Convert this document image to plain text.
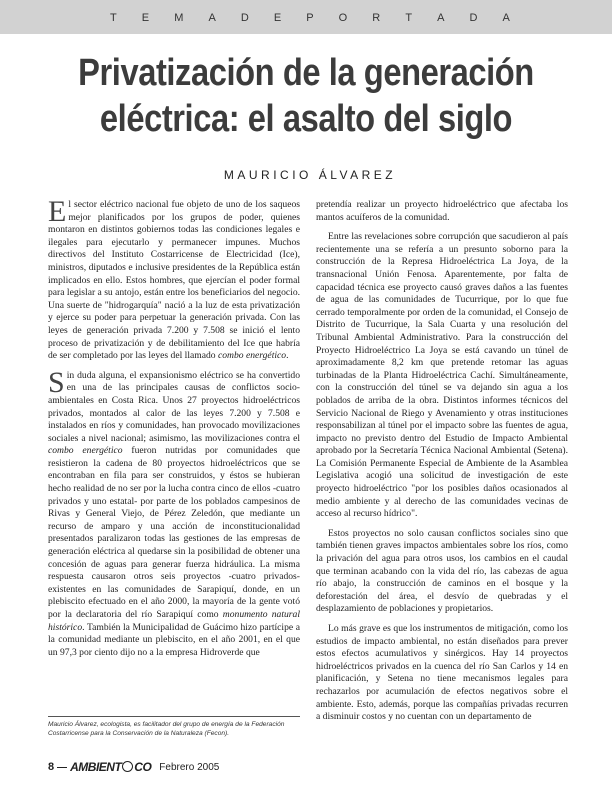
T E M A D E P O R T A D A
Privatización de la generación
eléctrica: el asalto del siglo
MAURICIO ÁLVAREZ

El sector eléctrico nacional fue objeto de uno de los saqueos mejor planificados por los grupos de poder, quienes montaron en distintos gobiernos todas las condiciones legales e ilegales para ejecutarlo y permanecer impunes. Muchos directivos del Instituto Costarricense de Electricidad (Ice), ministros, diputados e inclusive presidentes de la República están implicados en ello. Estos hombres, que ejercían el poder formal para legislar a su antojo, están entre los beneficiarios del negocio. Una suerte de "hidrogarquía" nació a la luz de esta privatización y ejerce su poder para perpetuar la generación privada. Con las leyes de generación privada 7.200 y 7.508 se inició el lento proceso de privatización y de debilitamiento del Ice que habría de ser completado por las leyes del llamado combo energético.

Sin duda alguna, el expansionismo eléctrico se ha convertido en una de las principales causas de conflictos socio-ambientales en Costa Rica. Unos 27 proyectos hidroeléctricos privados, montados al calor de las leyes 7.200 y 7.508 e instalados en ríos y comunidades, han provocado movilizaciones sociales a nivel nacional; asimismo, las movilizaciones contra el combo energético fueron nutridas por comunidades que resistieron la cadena de 80 proyectos hidroeléctricos que se encontraban en fila para ser construidos, y éstos se hubieran hecho realidad de no ser por la lucha contra cinco de ellos -cuatro privados y uno estatal- por parte de los poblados campesinos de Rivas y General Viejo, de Pérez Zeledón, que mediante un recurso de amparo y una acción de inconstitucionalidad presentados paralizaron todas las gestiones de las empresas de generación eléctrica al quedarse sin la posibilidad de obtener una concesión de aguas para generar fuerza hidráulica. La misma respuesta causaron otros seis proyectos -cuatro privados- existentes en las comunidades de Sarapiquí, donde, en un plebiscito efectuado en el año 2000, la mayoría de la gente votó por la declaratoria del río Sarapiquí como monumento natural histórico. También la Municipalidad de Guácimo hizo partícipe a la comunidad mediante un plebiscito, en el año 2001, en el que un 97,3 por ciento dijo no a la empresa Hidroverde que

pretendía realizar un proyecto hidroeléctrico que afectaba los mantos acuíferos de la comunidad.

Entre las revelaciones sobre corrupción que sacudieron al país recientemente una se refería a un presunto soborno para la construcción de la Represa Hidroeléctrica La Joya, de la transnacional Unión Fenosa. Aparentemente, por falta de capacidad técnica ese proyecto causó graves daños a las fuentes de agua de las comunidades de Tucurrique, por lo que fue cerrado temporalmente por orden de la comunidad, el Consejo de Distrito de Tucurrique, la Sala Cuarta y una resolución del Tribunal Ambiental Administrativo. Para la construcción del Proyecto Hidroeléctrico La Joya se está cavando un túnel de aproximadamente 8,2 km que pretende retomar las aguas turbinadas de la Planta Hidroeléctrica Cachí. Simultáneamente, con la construcción del túnel se va dejando sin agua a los poblados de arriba de la obra. Distintos informes técnicos del Servicio Nacional de Riego y Avenamiento y otras instituciones responsabilizan al túnel por el impacto sobre las fuentes de agua, impacto no previsto dentro del Estudio de Impacto Ambiental aprobado por la Secretaría Técnica Nacional Ambiental (Setena). La Comisión Permanente Especial de Ambiente de la Asamblea Legislativa acogió una solicitud de investigación de este proyecto hidroeléctrico "por los posibles daños ocasionados al medio ambiente y al derecho de las comunidades vecinas de acceso al recurso hídrico".

Estos proyectos no solo causan conflictos sociales sino que también tienen graves impactos ambientales sobre los ríos, como la privación del agua para otros usos, los cambios en el caudal que terminan acabando con la vida del río, las cabezas de agua río abajo, la construcción de caminos en el bosque y la deforestación del área, el desvío de quebradas y el desplazamiento de poblaciones y propietarios.

Lo más grave es que los instrumentos de mitigación, como los estudios de impacto ambiental, no están diseñados para prever estos efectos acumulativos y sinérgicos. Hay 14 proyectos hidroeléctricos privados en la cuenca del río San Carlos y 14 en planificación, y Setena no tiene mecanismos legales para rechazarlos por acumulación de efectos negativos sobre el ambiente. Esto, además, porque las compañías privadas recurren a disminuir costos y no cuentan con un departamento de

Mauricio Álvarez, ecologista, es facilitador del grupo de energía de la Federación Costarricense para la Conservación de la Naturaleza (Fecon).
8 AMBIENT CO Febrero 2005
